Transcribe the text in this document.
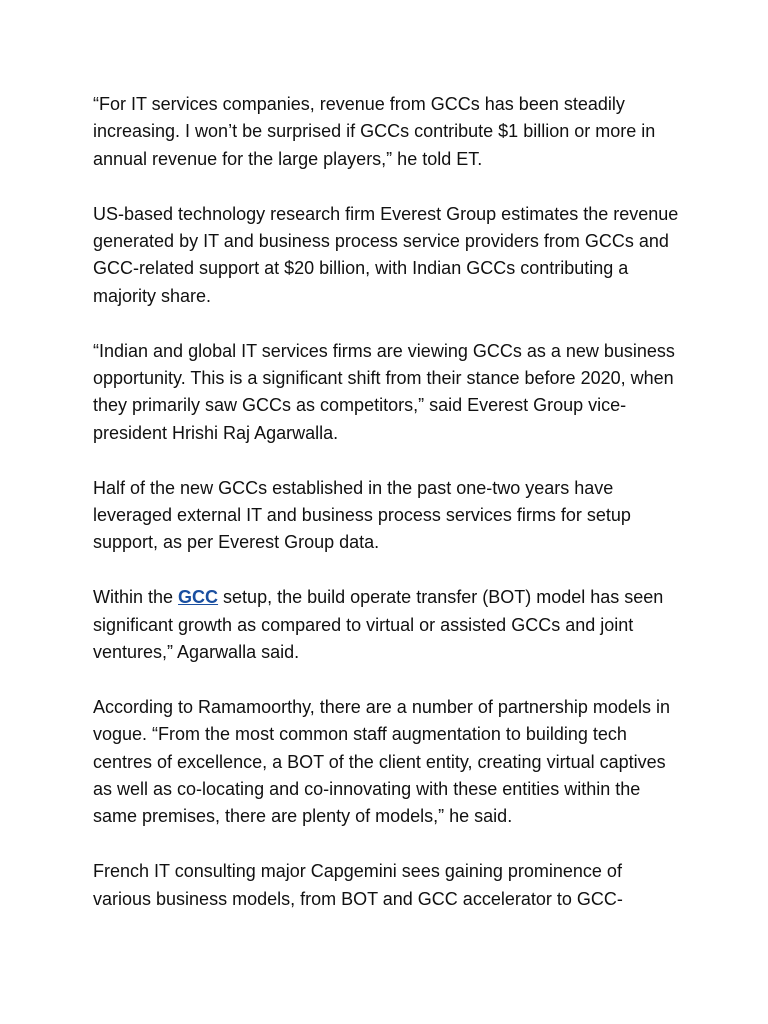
“For IT services companies, revenue from GCCs has been steadily increasing. I won’t be surprised if GCCs contribute $1 billion or more in annual revenue for the large players,” he told ET.

US-based technology research firm Everest Group estimates the revenue generated by IT and business process service providers from GCCs and GCC-related support at $20 billion, with Indian GCCs contributing a majority share.

“Indian and global IT services firms are viewing GCCs as a new business opportunity. This is a significant shift from their stance before 2020, when they primarily saw GCCs as competitors,” said Everest Group vice-president Hrishi Raj Agarwalla.

Half of the new GCCs established in the past one-two years have leveraged external IT and business process services firms for setup support, as per Everest Group data.

Within the GCC setup, the build operate transfer (BOT) model has seen significant growth as compared to virtual or assisted GCCs and joint ventures,” Agarwalla said.

According to Ramamoorthy, there are a number of partnership models in vogue. “From the most common staff augmentation to building tech centres of excellence, a BOT of the client entity, creating virtual captives as well as co-locating and co-innovating with these entities within the same premises, there are plenty of models,” he said.

French IT consulting major Capgemini sees gaining prominence of various business models, from BOT and GCC accelerator to GCC-
